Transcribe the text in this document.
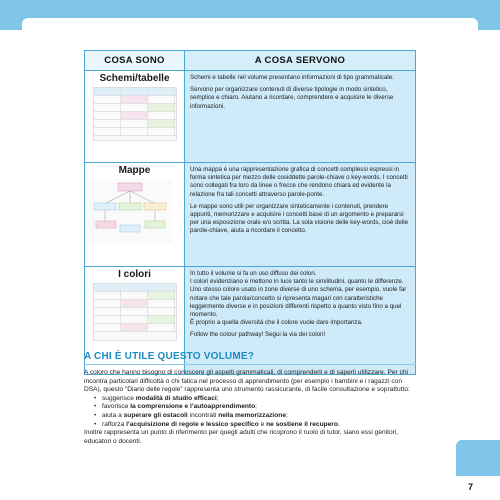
COSA SONO	A COSA SERVONO

Schemi/tabelle	Schemi e tabelle nel volume presentano informazioni di tipo grammaticale.

Servono per organizzare contenuti di diverse tipologie in modo sintetico, semplice e chiaro. Aiutano a ricordare, comprendere e acquisire le diverse informazioni.

Mappe	Una mappa è una rappresentazione grafica di concetti complessi espressi in forma sintetica per mezzo delle cosiddette parole-chiave o key-words. I concetti sono collegati fra loro da linee o frecce che rendono chiara ed evidente la relazione fra tali concetti attraverso parole-ponte.

Le mappe sono utili per organizzare sinteticamente i contenuti, prendere appunti, memorizzare e acquisire i concetti base di un argomento e prepararsi per una esposizione orale e/o scritta. La sola visione delle key-words, cioè delle parole-chiave, aiuta a ricordare il concetto.

I colori	In tutto il volume si fa un uso diffuso dei colori.

I colori evidenziano e mettono in luce tanto le similitudini, quanto le differenze.

Uno stesso colore usato in zone diverse di uno schema, per esempio, vuole far notare che tale parola/concetto si ripresenta magari con caratteristiche leggermente diverse e in posizioni differenti rispetto a quanto visto fino a quel momento.

È proprio a quella diversità che il colore vuole dare importanza.

Follow the colour pathway! Segui la via dei colori!

A CHI È UTILE QUESTO VOLUME?

A coloro che hanno bisogno di conoscere gli aspetti grammaticali, di comprenderli e di saperli utilizzare. Per chi incontra particolari difficoltà o chi fatica nel processo di apprendimento (per esempio i bambini e i ragazzi con DSA), questo “Diario delle regole” rappresenta uno strumento rassicurante, di facile consultazione e soprattutto:

• suggerisce modalità di studio efficaci;
• favorisce la comprensione e l’autoapprendimento;
• aiuta a superare gli ostacoli incontrati nella memorizzazione;
• rafforza l’acquisizione di regole e lessico specifico e ne sostiene il recupero.

Inoltre rappresenta un punto di riferimento per quegli adulti che ricoprono il ruolo di tutor, siano essi genitori, educatori o docenti.

7
